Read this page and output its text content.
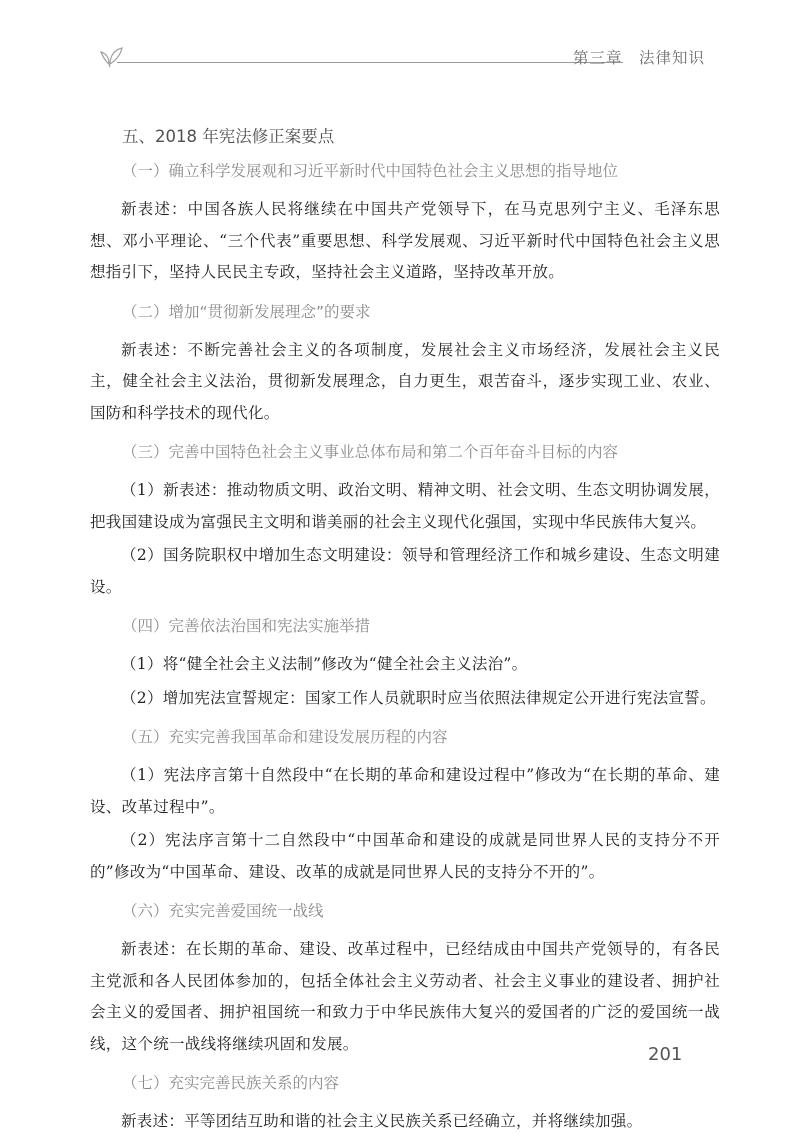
第三章　法律知识
五、2018 年宪法修正案要点
（一）确立科学发展观和习近平新时代中国特色社会主义思想的指导地位

新表述：中国各族人民将继续在中国共产党领导下，在马克思列宁主义、毛泽东思想、邓小平理论、“三个代表”重要思想、科学发展观、习近平新时代中国特色社会主义思想指引下，坚持人民民主专政，坚持社会主义道路，坚持改革开放。

（二）增加“贯彻新发展理念”的要求

新表述：不断完善社会主义的各项制度，发展社会主义市场经济，发展社会主义民主，健全社会主义法治，贯彻新发展理念，自力更生，艰苦奋斗，逐步实现工业、农业、国防和科学技术的现代化。

（三）完善中国特色社会主义事业总体布局和第二个百年奋斗目标的内容

（1）新表述：推动物质文明、政治文明、精神文明、社会文明、生态文明协调发展，把我国建设成为富强民主文明和谐美丽的社会主义现代化强国，实现中华民族伟大复兴。

（2）国务院职权中增加生态文明建设：领导和管理经济工作和城乡建设、生态文明建设。

（四）完善依法治国和宪法实施举措

（1）将“健全社会主义法制”修改为“健全社会主义法治”。

（2）增加宪法宣誓规定：国家工作人员就职时应当依照法律规定公开进行宪法宣誓。

（五）充实完善我国革命和建设发展历程的内容

（1）宪法序言第十自然段中“在长期的革命和建设过程中”修改为“在长期的革命、建设、改革过程中”。

（2）宪法序言第十二自然段中“中国革命和建设的成就是同世界人民的支持分不开的”修改为“中国革命、建设、改革的成就是同世界人民的支持分不开的”。

（六）充实完善爱国统一战线

新表述：在长期的革命、建设、改革过程中，已经结成由中国共产党领导的，有各民主党派和各人民团体参加的，包括全体社会主义劳动者、社会主义事业的建设者、拥护社会主义的爱国者、拥护祖国统一和致力于中华民族伟大复兴的爱国者的广泛的爱国统一战线，这个统一战线将继续巩固和发展。

（七）充实完善民族关系的内容

新表述：平等团结互助和谐的社会主义民族关系已经确立，并将继续加强。

201
